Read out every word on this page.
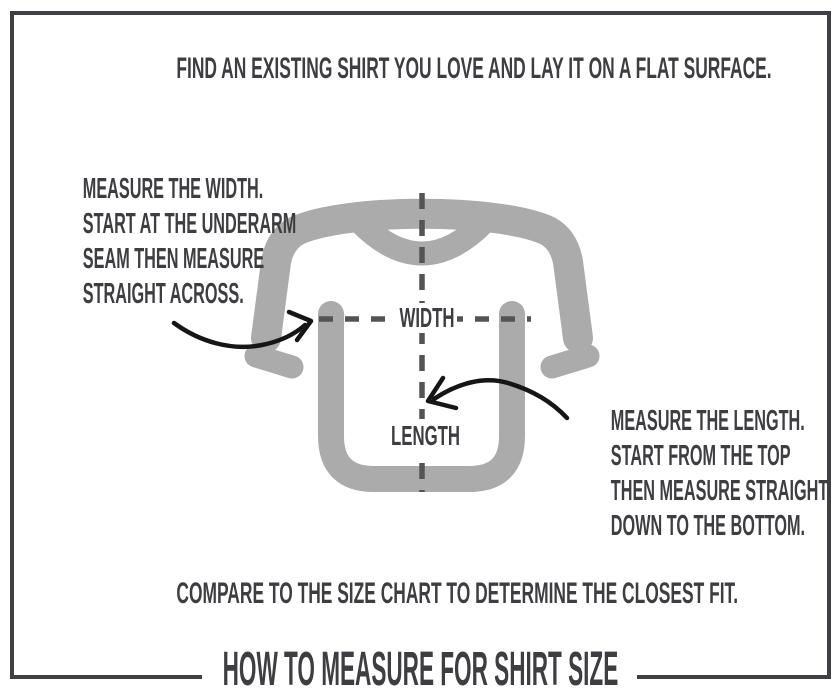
FIND AN EXISTING SHIRT YOU LOVE AND LAY IT ON A FLAT SURFACE.
MEASURE THE WIDTH.
START AT THE UNDERARM
SEAM THEN MEASURE
STRAIGHT ACROSS.
MEASURE THE LENGTH.
START FROM THE TOP
THEN MEASURE STRAIGHT
DOWN TO THE BOTTOM.
WIDTH
LENGTH
COMPARE TO THE SIZE CHART TO DETERMINE THE CLOSEST FIT.
HOW TO MEASURE FOR SHIRT SIZE
